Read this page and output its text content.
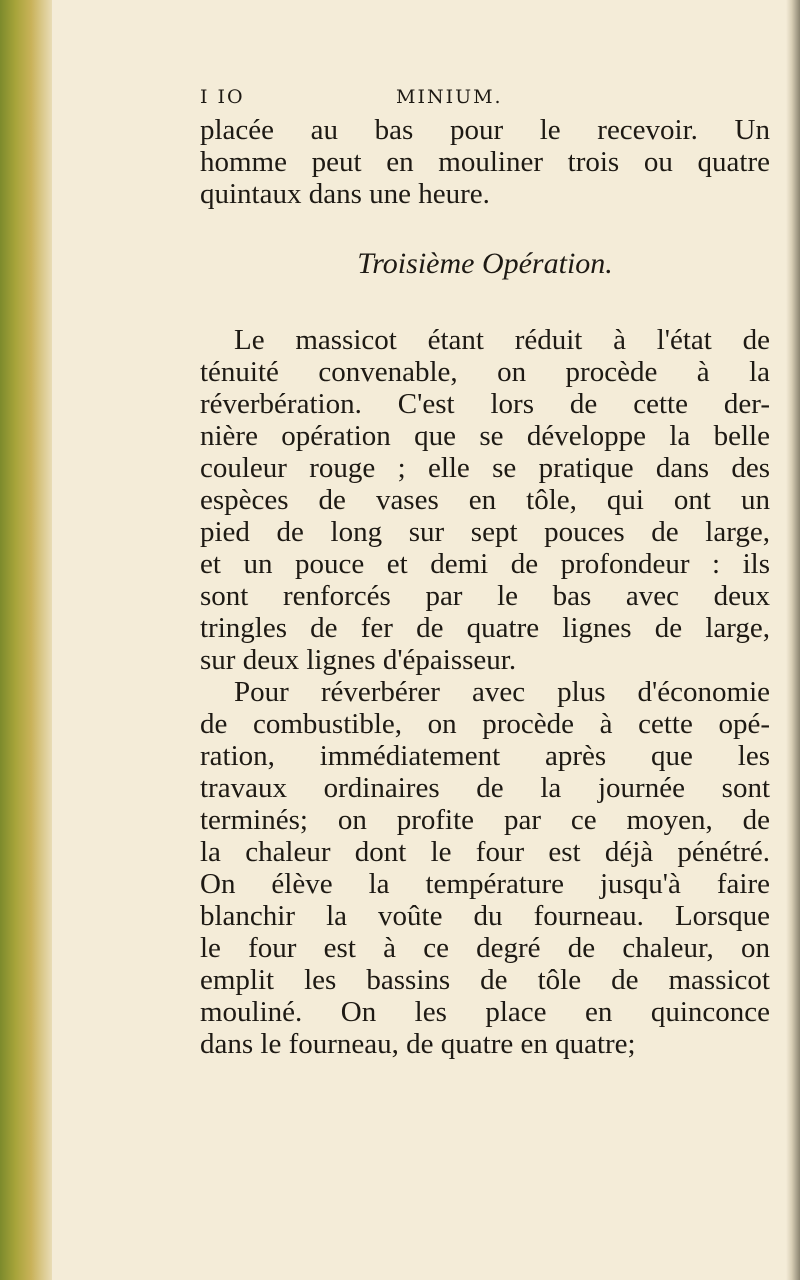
I IO	MINIUM.

placée au bas pour le recevoir. Un
homme peut en mouliner trois ou quatre
quintaux dans une heure.

Troisième Opération.

Le massicot étant réduit à l'état de
ténuité convenable, on procède à la
réverbération. C'est lors de cette der-
nière opération que se développe la belle
couleur rouge ; elle se pratique dans des
espèces de vases en tôle, qui ont un
pied de long sur sept pouces de large,
et un pouce et demi de profondeur : ils
sont renforcés par le bas avec deux
tringles de fer de quatre lignes de large,
sur deux lignes d'épaisseur.

Pour réverbérer avec plus d'économie
de combustible, on procède à cette opé-
ration, immédiatement après que les
travaux ordinaires de la journée sont
terminés; on profite par ce moyen, de
la chaleur dont le four est déjà pénétré.
On élève la température jusqu'à faire
blanchir la voûte du fourneau. Lorsque
le four est à ce degré de chaleur, on
emplit les bassins de tôle de massicot
mouliné. On les place en quinconce
dans le fourneau, de quatre en quatre;
